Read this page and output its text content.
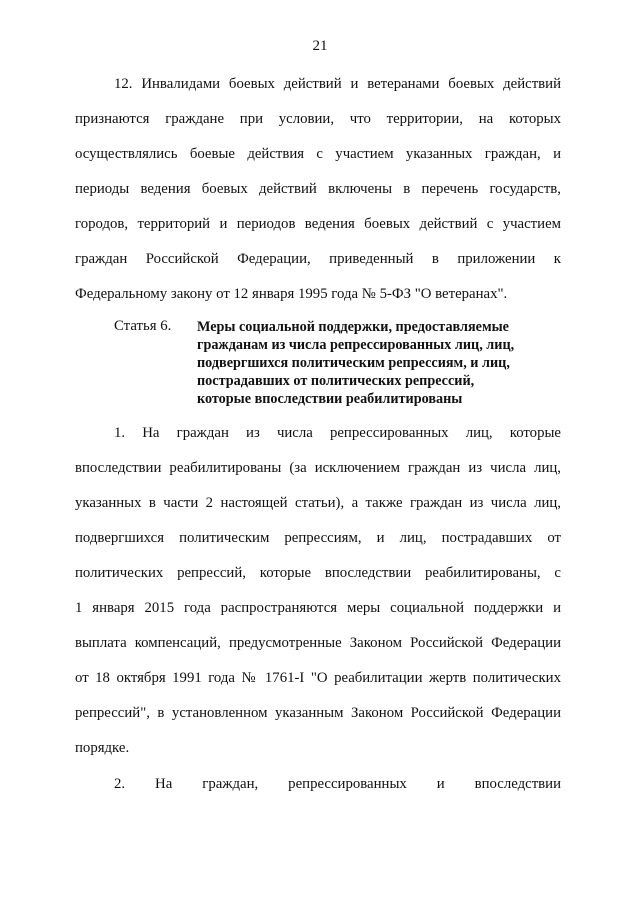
21
12. Инвалидами боевых действий и ветеранами боевых действий
признаются граждане при условии, что территории, на которых
осуществлялись боевые действия с участием указанных граждан, и
периоды ведения боевых действий включены в перечень государств,
городов, территорий и периодов ведения боевых действий с участием
граждан Российской Федерации, приведенный в приложении к
Федеральному закону от 12 января 1995 года № 5-ФЗ "О ветеранах".
Статья 6. Меры социальной поддержки, предоставляемые
гражданам из числа репрессированных лиц, лиц,
подвергшихся политическим репрессиям, и лиц,
пострадавших от политических репрессий,
которые впоследствии реабилитированы
1. На граждан из числа репрессированных лиц, которые
впоследствии реабилитированы (за исключением граждан из числа лиц,
указанных в части 2 настоящей статьи), а также граждан из числа лиц,
подвергшихся политическим репрессиям, и лиц, пострадавших от
политических репрессий, которые впоследствии реабилитированы, с
1 января 2015 года распространяются меры социальной поддержки и
выплата компенсаций, предусмотренные Законом Российской Федерации
от 18 октября 1991 года № 1761-I "О реабилитации жертв политических
репрессий", в установленном указанным Законом Российской Федерации
порядке.
2. На граждан, репрессированных и впоследствии
